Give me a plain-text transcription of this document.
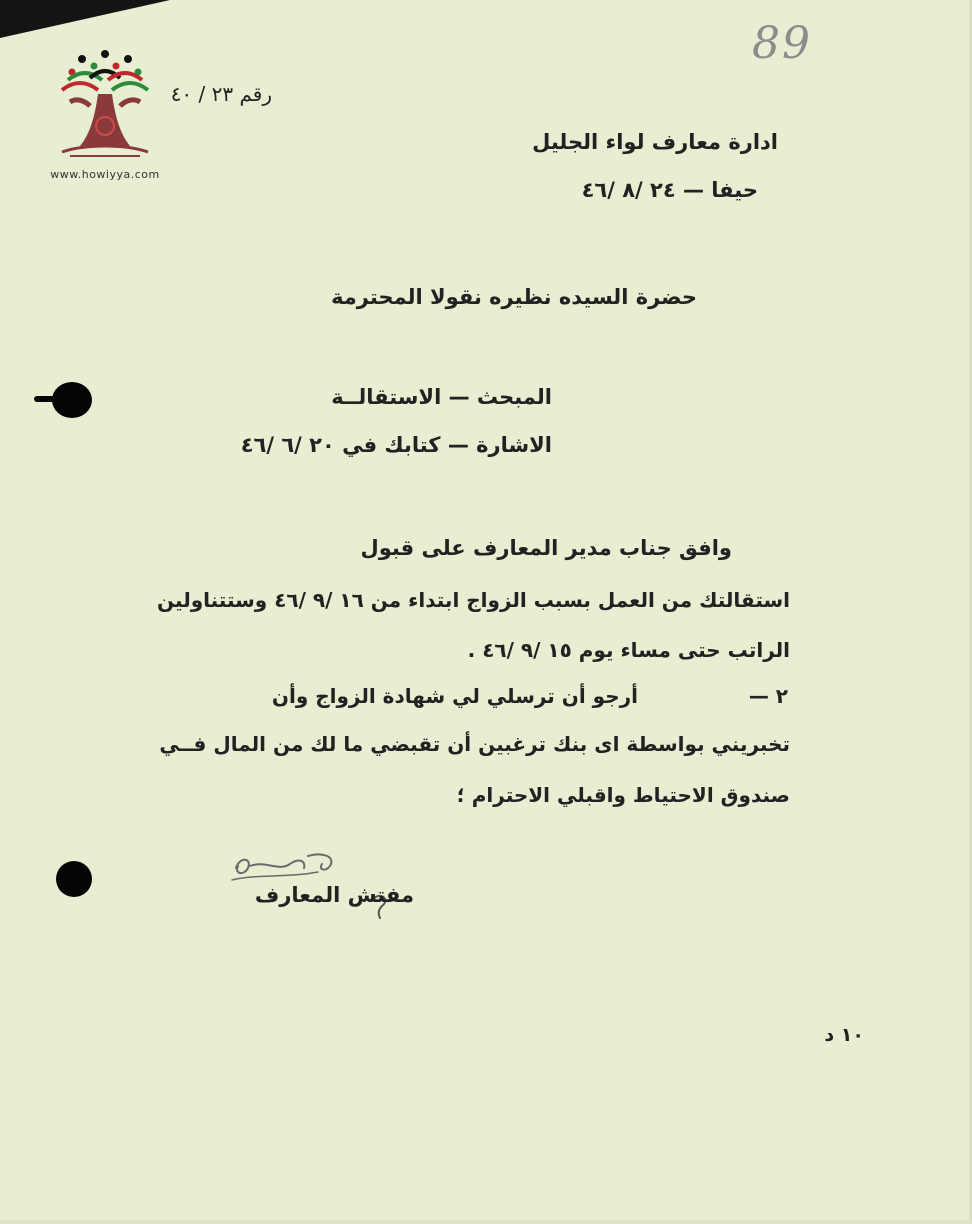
www.howiyya.com
89
رقم ٢٣ / ٤٠
ادارة معارف لواء الجليل
حيفا — ٢٤ /٨ /٤٦
حضرة السيده نظيره نقولا المحترمة
المبحث — الاستقالــة
الاشارة — كتابك في ٢٠ /٦ /٤٦
وافق جناب مدير المعارف على قبول
استقالتك من العمل بسبب الزواج ابتداء من ١٦ /٩ /٤٦ وستتناولين
الراتب حتى مساء يوم ١٥ /٩ /٤٦ .
٢ —
أرجو أن ترسلي لي شهادة الزواج وأن
تخبريني بواسطة اى بنك ترغبين أن تقبضي ما لك من المال فــي
صندوق الاحتياط واقبلي الاحترام ؛
مفتش المعارف
١٠ د
